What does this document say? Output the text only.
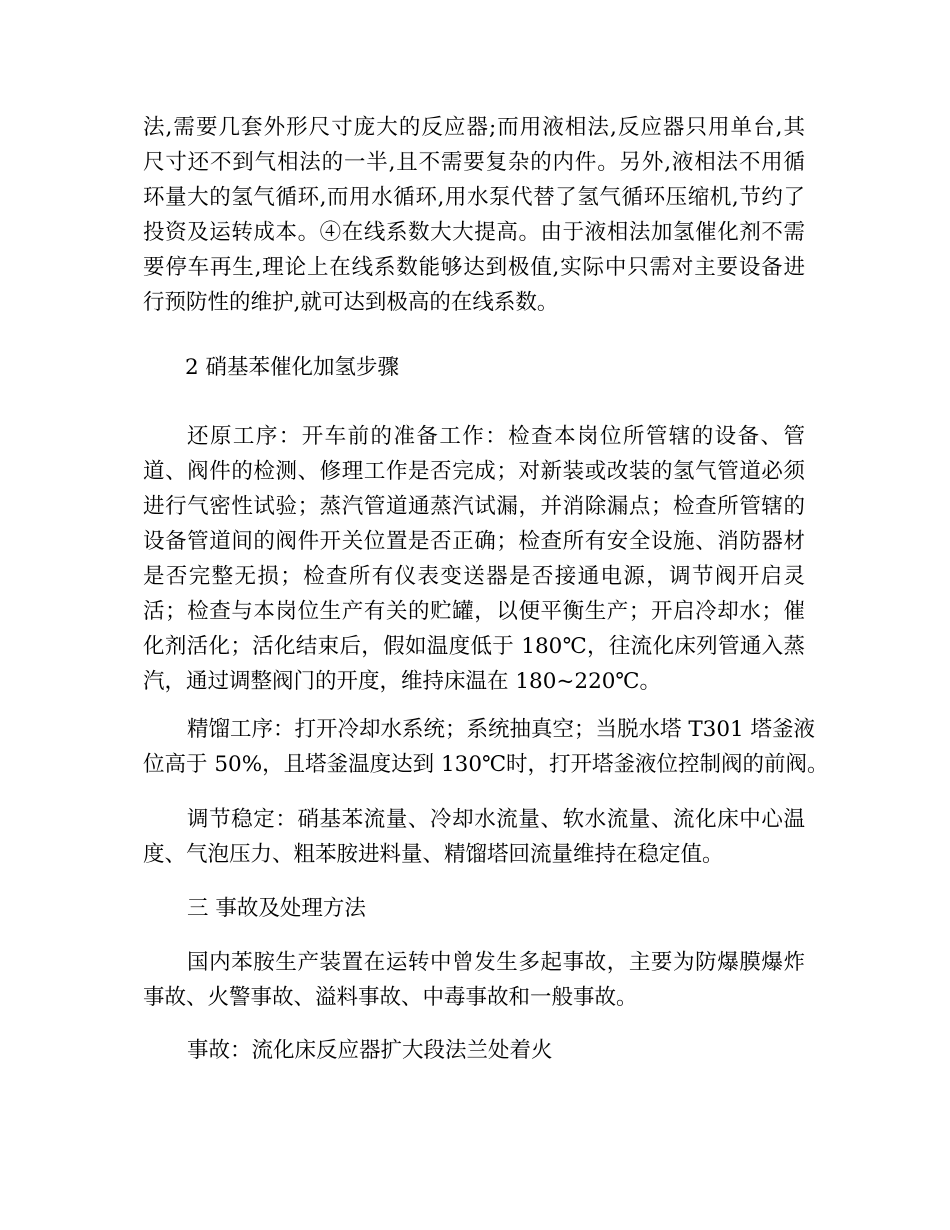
法,需要几套外形尺寸庞大的反应器;而用液相法,反应器只用单台,其
尺寸还不到气相法的一半,且不需要复杂的内件。另外,液相法不用循
环量大的氢气循环,而用水循环,用水泵代替了氢气循环压缩机,节约了
投资及运转成本。④在线系数大大提高。由于液相法加氢催化剂不需
要停车再生,理论上在线系数能够达到极值,实际中只需对主要设备进
行预防性的维护,就可达到极高的在线系数。
2 硝基苯催化加氢步骤
还原工序：开车前的准备工作：检查本岗位所管辖的设备、管
道、阀件的检测、修理工作是否完成；对新装或改装的氢气管道必须
进行气密性试验；蒸汽管道通蒸汽试漏，并消除漏点；检查所管辖的
设备管道间的阀件开关位置是否正确；检查所有安全设施、消防器材
是否完整无损；检查所有仪表变送器是否接通电源，调节阀开启灵
活；检查与本岗位生产有关的贮罐，以便平衡生产；开启冷却水；催
化剂活化；活化结束后，假如温度低于 180℃，往流化床列管通入蒸
汽，通过调整阀门的开度，维持床温在 180~220℃。
精馏工序：打开冷却水系统；系统抽真空；当脱水塔 T301 塔釜液
位高于 50%，且塔釜温度达到 130℃时，打开塔釜液位控制阀的前阀。
调节稳定：硝基苯流量、冷却水流量、软水流量、流化床中心温
度、气泡压力、粗苯胺进料量、精馏塔回流量维持在稳定值。
三 事故及处理方法
国内苯胺生产装置在运转中曾发生多起事故，主要为防爆膜爆炸
事故、火警事故、溢料事故、中毒事故和一般事故。
事故：流化床反应器扩大段法兰处着火
